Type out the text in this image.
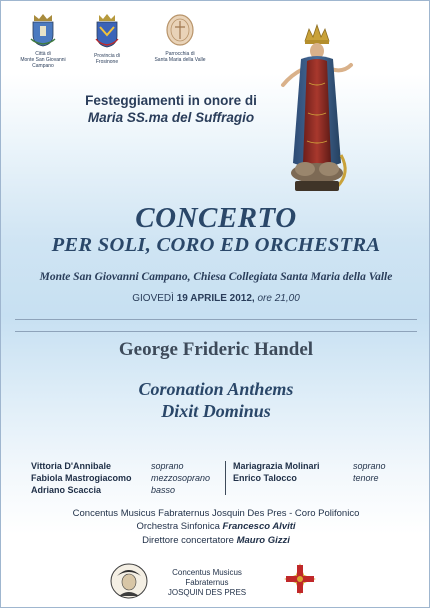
Città di
Monte San Giovanni
Campano
Provincia di
Frosinone
Parrocchia di
Santa Maria della Valle
Festeggiamenti in onore di
Maria SS.ma del Suffragio
CONCERTO
PER SOLI, CORO ED ORCHESTRA
Monte San Giovanni Campano, Chiesa Collegiata Santa Maria della Valle
GIOVEDÌ 19 APRILE 2012, ore 21,00
George Frideric Handel
Coronation Anthems
Dixit Dominus
Vittoria D'Annibale	soprano
Fabiola Mastrogiacomo mezzosoprano
Adriano Scaccia	basso
Mariagrazia Molinari	soprano
Enrico Talocco	tenore
Concentus Musicus Fabraternus Josquin Des Pres - Coro Polifonico
Orchestra Sinfonica Francesco Alviti
Direttore concertatore Mauro Gizzi
Concentus Musicus Fabraternus
JOSQUIN DES PRES
